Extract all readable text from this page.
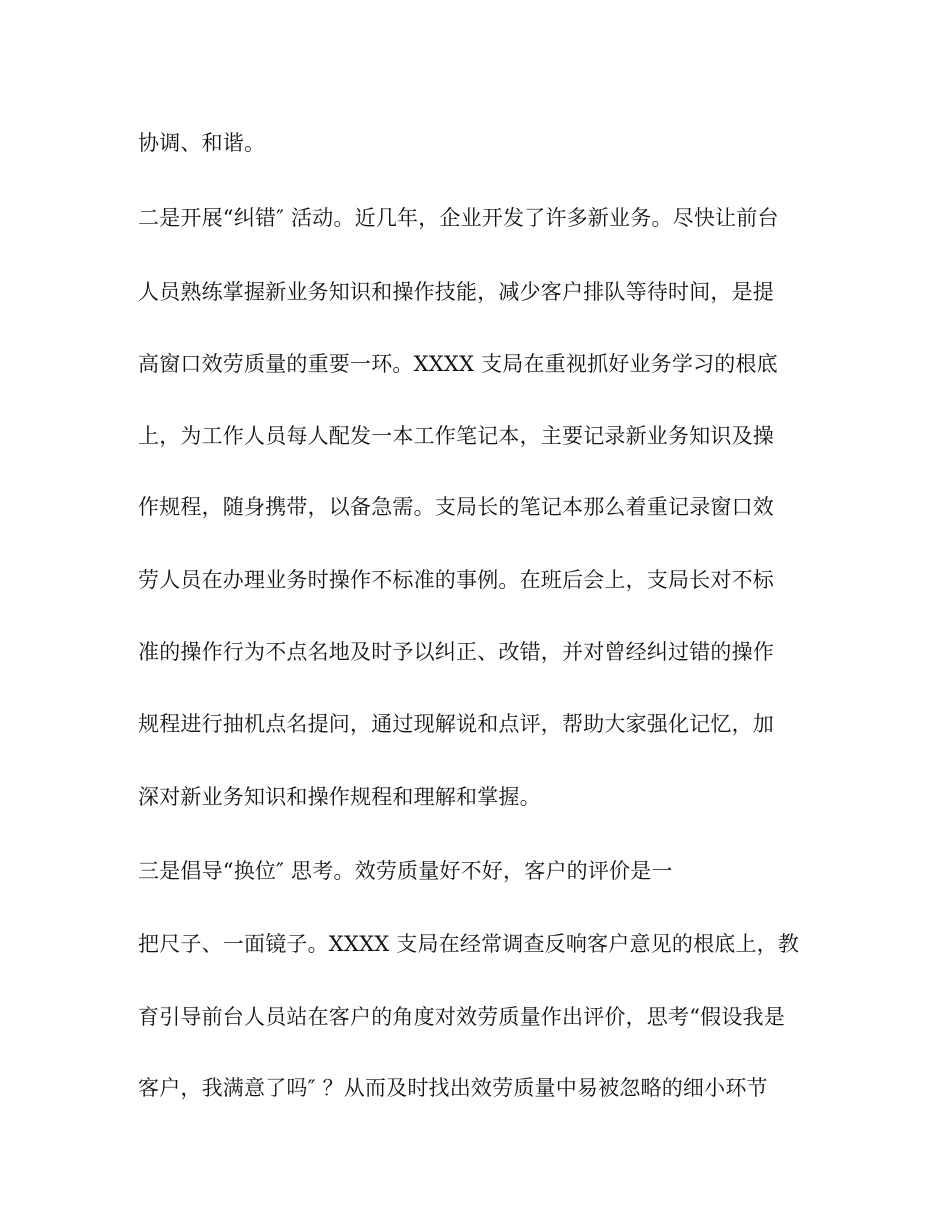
协调、和谐。
二是开展“纠错″ 活动。近几年，企业开发了许多新业务。尽快让前台
人员熟练掌握新业务知识和操作技能，减少客户排队等待时间，是提
高窗口效劳质量的重要一环。XXXX 支局在重视抓好业务学习的根底
上，为工作人员每人配发一本工作笔记本，主要记录新业务知识及操
作规程，随身携带，以备急需。支局长的笔记本那么着重记录窗口效
劳人员在办理业务时操作不标准的事例。在班后会上，支局长对不标
准的操作行为不点名地及时予以纠正、改错，并对曾经纠过错的操作
规程进行抽机点名提问，通过现解说和点评，帮助大家强化记忆，加
深对新业务知识和操作规程和理解和掌握。
三是倡导“换位″ 思考。效劳质量好不好，客户的评价是一
把尺子、一面镜子。XXXX 支局在经常调查反响客户意见的根底上，教
育引导前台人员站在客户的角度对效劳质量作出评价，思考“假设我是
客户，我满意了吗″ ？从而及时找出效劳质量中易被忽略的细小环节
